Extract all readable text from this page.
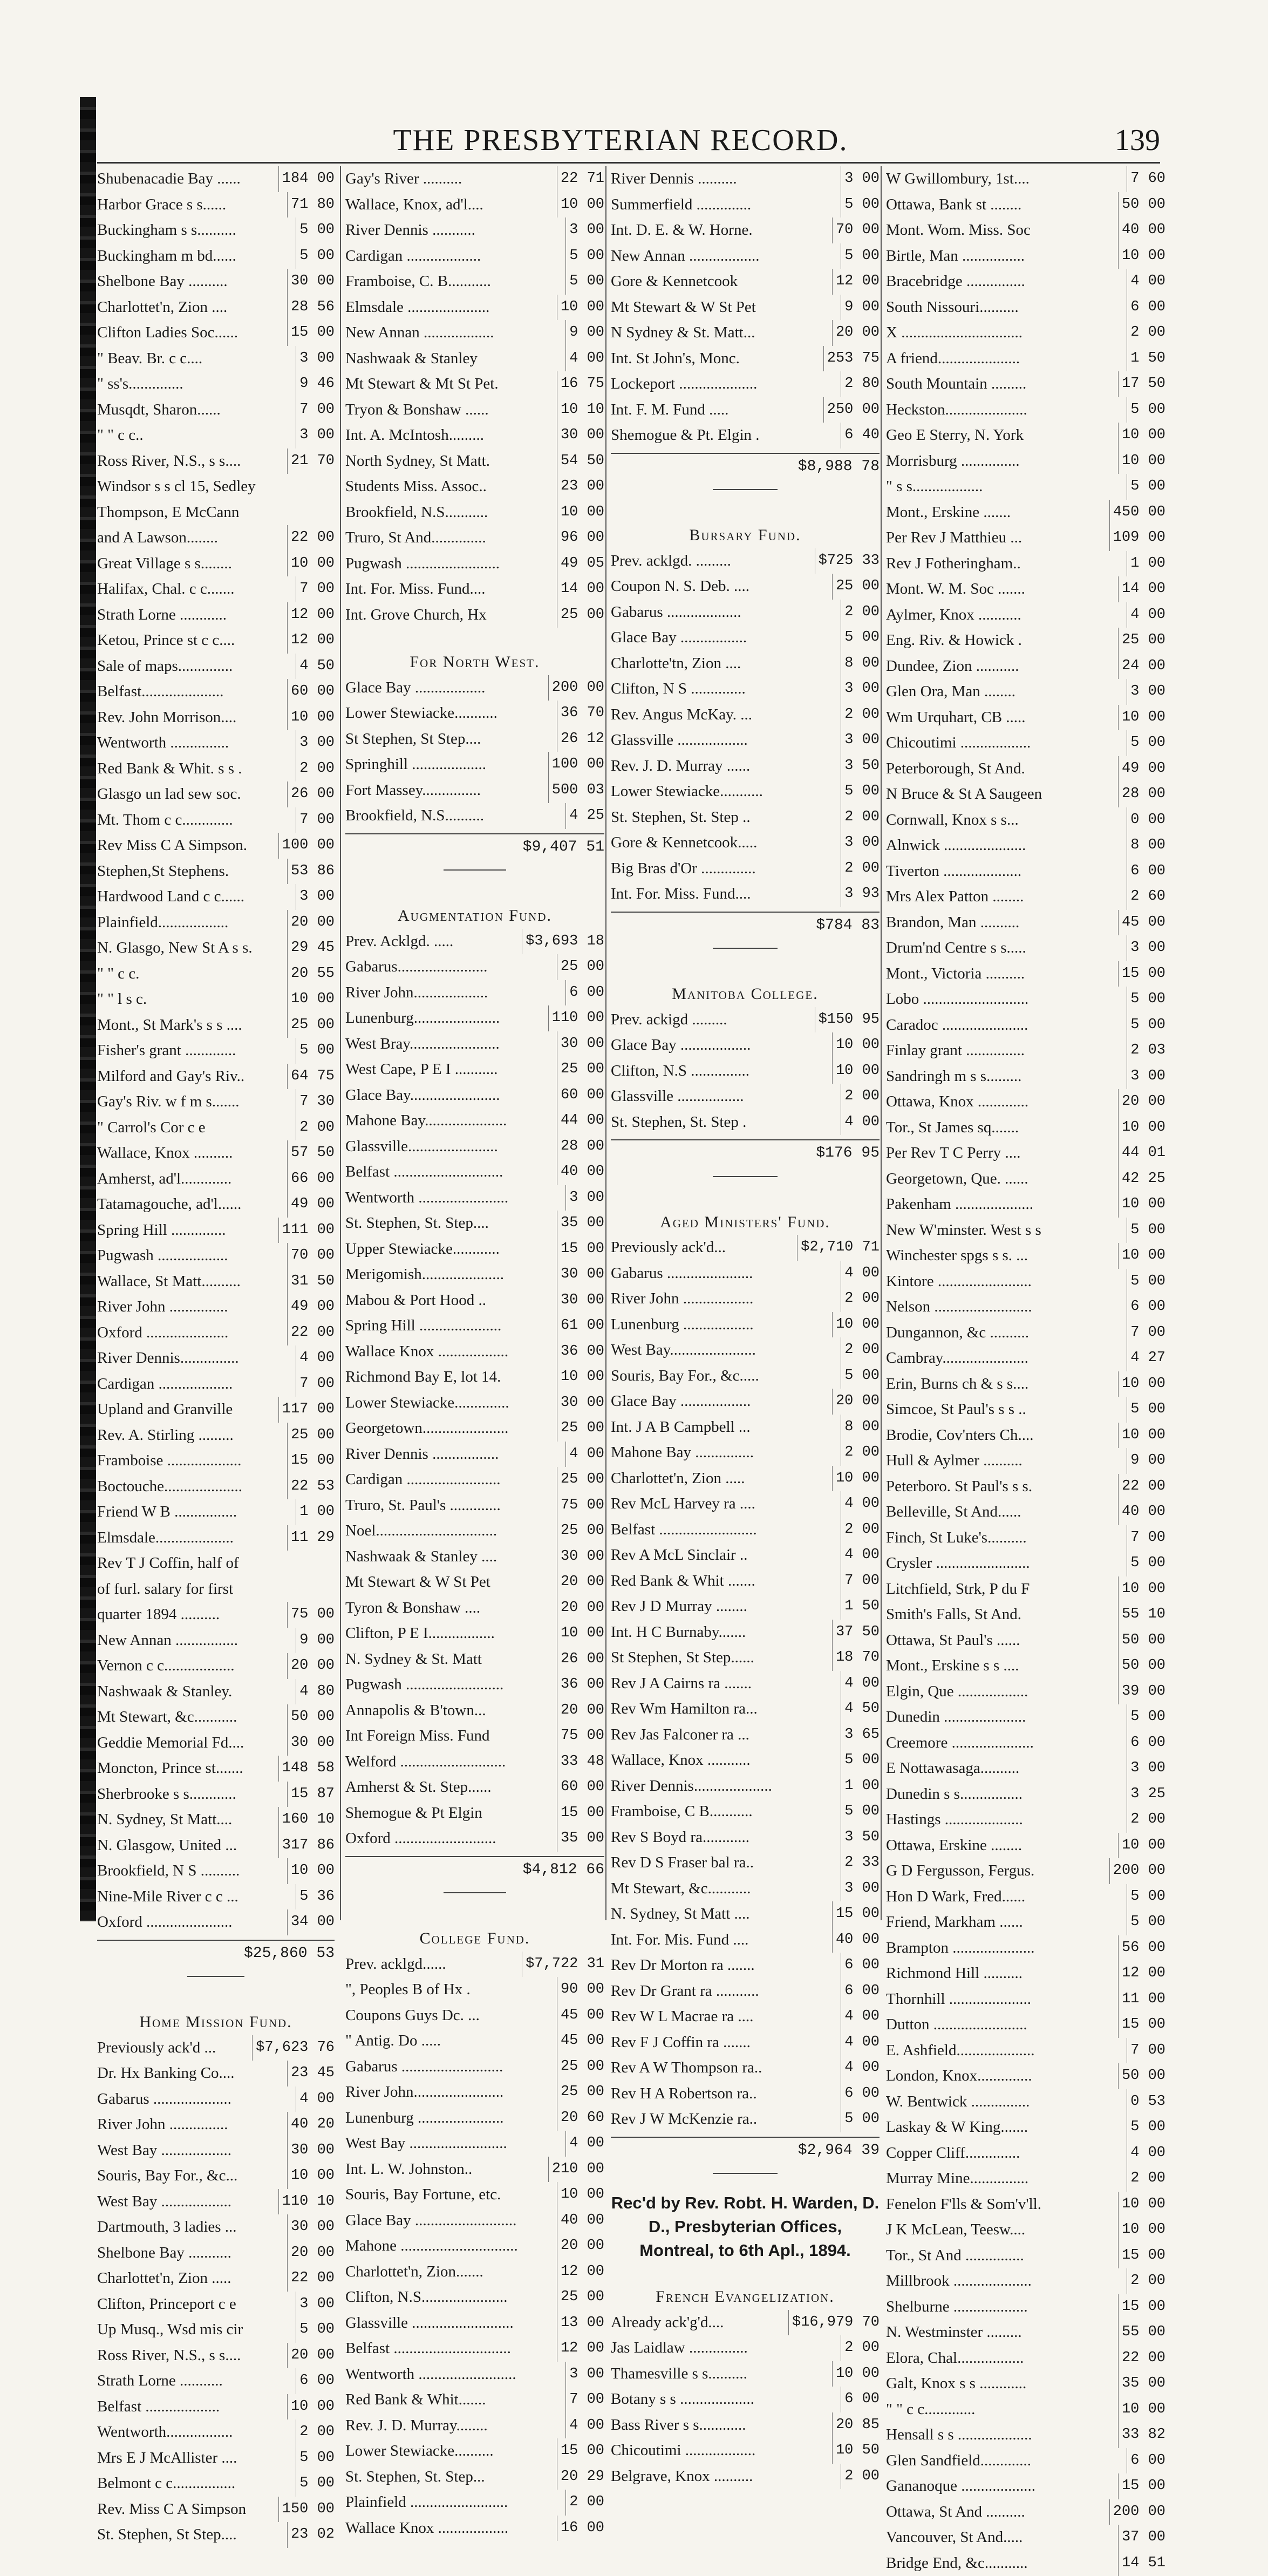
THE PRESBYTERIAN RECORD.	139
Shubenacadie Bay ......	184 00
Harbor Grace s s......	71 80
Buckingham s s..........	5 00
Buckingham m bd......	5 00
Shelbone Bay ..........	30 00
Charlottet'n, Zion ....	28 56
Clifton Ladies Soc......	15 00
" Beav. Br. c c....	3 00
" ss's..............	9 46
Musqdt, Sharon......	7 00
" " c c..	3 00
Ross River, N.S., s s....	21 70
Windsor s s cl 15, Sedley
Thompson, E McCann
and A Lawson........	22 00
Great Village s s........	10 00
Halifax, Chal. c c.......	7 00
Strath Lorne ............	12 00
Ketou, Prince st c c....	12 00
Sale of maps..............	4 50
Belfast.....................	60 00
Rev. John Morrison....	10 00
Wentworth ...............	3 00
Red Bank & Whit. s s .	2 00
Glasgo un lad sew soc.	26 00
Mt. Thom c c.............	7 00
Rev Miss C A Simpson.	100 00
Stephen,St Stephens.	53 86
Hardwood Land c c......	3 00
Plainfield..................	20 00
N. Glasgo, New St A s s.	29 45
" " c c.	20 55
" " l s c.	10 00
Mont., St Mark's s s ....	25 00
Fisher's grant .............	5 00
Milford and Gay's Riv..	64 75
Gay's Riv. w f m s.......	7 30
" Carrol's Cor c e	2 00
Wallace, Knox ..........	57 50
Amherst, ad'l.............	66 00
Tatamagouche, ad'l......	49 00
Spring Hill ..............	111 00
Pugwash ..................	70 00
Wallace, St Matt..........	31 50
River John ...............	49 00
Oxford .....................	22 00
River Dennis...............	4 00
Cardigan ...................	7 00
Upland and Granville	117 00
Rev. A. Stirling .........	25 00
Framboise ...................	15 00
Boctouche....................	22 53
Friend W B ................	1 00
Elmsdale....................	11 29
Rev T J Coffin, half of
of furl. salary for first
quarter 1894 ..........	75 00
New Annan ................	9 00
Vernon c c..................	20 00
Nashwaak & Stanley.	4 80
Mt Stewart, &c...........	50 00
Geddie Memorial Fd....	30 00
Moncton, Prince st.......	148 58
Sherbrooke s s............	15 87
N. Sydney, St Matt....	160 10
N. Glasgow, United ...	317 86
Brookfield, N S ..........	10 00
Nine-Mile River c c ...	5 36
Oxford ......................	34 00
$25,860 53
Home Mission Fund.
Previously ack'd ...	$7,623 76
Dr. Hx Banking Co....	23 45
Gabarus ....................	4 00
River John ...............	40 20
West Bay ..................	30 00
Souris, Bay For., &c...	10 00
West Bay ..................	110 10
Dartmouth, 3 ladies ...	30 00
Shelbone Bay ...........	20 00
Charlottet'n, Zion .....	22 00
Clifton, Princeport c e	3 00
Up Musq., Wsd mis cir	5 00
Ross River, N.S., s s....	20 00
Strath Lorne ...........	6 00
Belfast ...................	10 00
Wentworth.................	2 00
Mrs E J McAllister ....	5 00
Belmont c c................	5 00
Rev. Miss C A Simpson	150 00
St. Stephen, St Step....	23 02
Gay's River ..........	22 71
Wallace, Knox, ad'l....	10 00
River Dennis ...........	3 00
Cardigan ...................	5 00
Framboise, C. B...........	5 00
Elmsdale .....................	10 00
New Annan ..................	9 00
Nashwaak & Stanley	4 00
Mt Stewart & Mt St Pet.	16 75
Tryon & Bonshaw ......	10 10
Int. A. McIntosh.........	30 00
North Sydney, St Matt.	54 50
Students Miss. Assoc..	23 00
Brookfield, N.S...........	10 00
Truro, St And..............	96 00
Pugwash ........................	49 05
Int. For. Miss. Fund....	14 00
Int. Grove Church, Hx	25 00
For North West.
Glace Bay ..................	200 00
Lower Stewiacke...........	36 70
St Stephen, St Step....	26 12
Springhill ...................	100 00
Fort Massey...............	500 03
Brookfield, N.S..........	4 25
$9,407 51
Augmentation Fund.
Prev. Acklgd. .....	$3,693 18
Gabarus.......................	25 00
River John...................	6 00
Lunenburg......................	110 00
West Bray.......................	30 00
West Cape, P E I ...........	25 00
Glace Bay.......................	60 00
Mahone Bay.....................	44 00
Glassville.......................	28 00
Belfast ............................	40 00
Wentworth .......................	3 00
St. Stephen, St. Step....	35 00
Upper Stewiacke............	15 00
Merigomish.....................	30 00
Mabou & Port Hood ..	30 00
Spring Hill .....................	61 00
Wallace Knox ..................	36 00
Richmond Bay E, lot 14.	10 00
Lower Stewiacke..............	30 00
Georgetown......................	25 00
River Dennis .................	4 00
Cardigan ........................	25 00
Truro, St. Paul's .............	75 00
Noel...............................	25 00
Nashwaak & Stanley ....	30 00
Mt Stewart & W St Pet	20 00
Tyron & Bonshaw ....	20 00
Clifton, P E I.................	10 00
N. Sydney & St. Matt	26 00
Pugwash .........................	36 00
Annapolis & B'town...	20 00
Int Foreign Miss. Fund	75 00
Welford ...........................	33 48
Amherst & St. Step......	60 00
Shemogue & Pt Elgin	15 00
Oxford ..........................	35 00
$4,812 66
College Fund.
Prev. acklgd......	$7,722 31
", Peoples B of Hx .	90 00
Coupons Guys Dc. ...	45 00
" Antig. Do .....	45 00
Gabarus ..........................	25 00
River John.......................	25 00
Lunenburg ......................	20 60
West Bay .........................	4 00
Int. L. W. Johnston..	210 00
Souris, Bay Fortune, etc.	10 00
Glace Bay ..........................	40 00
Mahone ..............................	20 00
Charlottet'n, Zion.......	12 00
Clifton, N.S......................	25 00
Glassville ..........................	13 00
Belfast ..............................	12 00
Wentworth .........................	3 00
Red Bank & Whit.......	7 00
Rev. J. D. Murray........	4 00
Lower Stewiacke..........	15 00
St. Stephen, St. Step...	20 29
Plainfield .........................	2 00
Wallace Knox ..................	16 00
River Dennis ..........	3 00
Summerfield ..............	5 00
Int. D. E. & W. Horne.	70 00
New Annan ..................	5 00
Gore & Kennetcook	12 00
Mt Stewart & W St Pet	9 00
N Sydney & St. Matt...	20 00
Int. St John's, Monc.	253 75
Lockeport ....................	2 80
Int. F. M. Fund .....	250 00
Shemogue & Pt. Elgin .	6 40
$8,988 78
Bursary Fund.
Prev. acklgd. .........	$725 33
Coupon N. S. Deb. ....	25 00
Gabarus ...................	2 00
Glace Bay .................	5 00
Charlotte'tn, Zion ....	8 00
Clifton, N S ..............	3 00
Rev. Angus McKay. ...	2 00
Glassville ..................	3 00
Rev. J. D. Murray ......	3 50
Lower Stewiacke...........	5 00
St. Stephen, St. Step ..	2 00
Gore & Kennetcook.....	3 00
Big Bras d'Or ..............	2 00
Int. For. Miss. Fund....	3 93
$784 83
Manitoba College.
Prev. ackigd .........	$150 95
Glace Bay ..................	10 00
Clifton, N.S ...............	10 00
Glassville .................	2 00
St. Stephen, St. Step .	4 00
$176 95
Aged Ministers' Fund.
Previously ack'd...	$2,710 71
Gabarus ......................	4 00
River John ..................	2 00
Lunenburg ..................	10 00
West Bay......................	2 00
Souris, Bay For., &c.....	5 00
Glace Bay ..................	20 00
Int. J A B Campbell ...	8 00
Mahone Bay ...............	2 00
Charlottet'n, Zion .....	10 00
Rev McL Harvey ra ....	4 00
Belfast .........................	2 00
Rev A McL Sinclair ..	4 00
Red Bank & Whit .......	7 00
Rev J D Murray ........	1 50
Int. H C Burnaby.......	37 50
St Stephen, St Step......	18 70
Rev J A Cairns ra .......	4 00
Rev Wm Hamilton ra...	4 50
Rev Jas Falconer ra ...	3 65
Wallace, Knox ...........	5 00
River Dennis....................	1 00
Framboise, C B...........	5 00
Rev S Boyd ra............	3 50
Rev D S Fraser bal ra..	2 33
Mt Stewart, &c...........	3 00
N. Sydney, St Matt ....	15 00
Int. For. Mis. Fund ....	40 00
Rev Dr Morton ra .......	6 00
Rev Dr Grant ra ...........	6 00
Rev W L Macrae ra ....	4 00
Rev F J Coffin ra .......	4 00
Rev A W Thompson ra..	4 00
Rev H A Robertson ra..	6 00
Rev J W McKenzie ra..	5 00
$2,964 39
Rec'd by Rev. Robt. H. Warden, D. D., Presbyterian Offices, Montreal, to 6th Apl., 1894.
French Evangelization.
Already ack'g'd....	$16,979 70
Jas Laidlaw ...............	2 00
Thamesville s s..........	10 00
Botany s s ...................	6 00
Bass River s s............	20 85
Chicoutimi ..................	10 50
Belgrave, Knox ..........	2 00
W Gwillombury, 1st....	7 60
Ottawa, Bank st ........	50 00
Mont. Wom. Miss. Soc	40 00
Birtle, Man ................	10 00
Bracebridge ...............	4 00
South Nissouri..........	6 00
X ...............................	2 00
A friend.....................	1 50
South Mountain .........	17 50
Heckston.....................	5 00
Geo E Sterry, N. York	10 00
Morrisburg ...............	10 00
" s s..................	5 00
Mont., Erskine .......	450 00
Per Rev J Matthieu ...	109 00
Rev J Fotheringham..	1 00
Mont. W. M. Soc .......	14 00
Aylmer, Knox ...........	4 00
Eng. Riv. & Howick .	25 00
Dundee, Zion ...........	24 00
Glen Ora, Man ........	3 00
Wm Urquhart, CB .....	10 00
Chicoutimi ..................	5 00
Peterborough, St And.	49 00
N Bruce & St A Saugeen	28 00
Cornwall, Knox s s...	0 00
Alnwick .....................	8 00
Tiverton ....................	6 00
Mrs Alex Patton ........	2 60
Brandon, Man ..........	45 00
Drum'nd Centre s s.....	3 00
Mont., Victoria ..........	15 00
Lobo ...........................	5 00
Caradoc ......................	5 00
Finlay grant ...............	2 03
Sandringh m s s.........	3 00
Ottawa, Knox .............	20 00
Tor., St James sq.......	10 00
Per Rev T C Perry ....	44 01
Georgetown, Que. ......	42 25
Pakenham ....................	10 00
New W'minster. West s s	5 00
Winchester spgs s s. ...	10 00
Kintore ........................	5 00
Nelson .........................	6 00
Dungannon, &c ..........	7 00
Cambray......................	4 27
Erin, Burns ch & s s....	10 00
Simcoe, St Paul's s s ..	5 00
Brodie, Cov'nters Ch....	10 00
Hull & Aylmer ..........	9 00
Peterboro. St Paul's s s.	22 00
Belleville, St And......	40 00
Finch, St Luke's..........	7 00
Crysler ........................	5 00
Litchfield, Strk, P du F	10 00
Smith's Falls, St And.	55 10
Ottawa, St Paul's ......	50 00
Mont., Erskine s s ....	50 00
Elgin, Que ..................	39 00
Dunedin .....................	5 00
Creemore .....................	6 00
E Nottawasaga..........	3 00
Dunedin s s................	3 25
Hastings ....................	2 00
Ottawa, Erskine ........	10 00
G D Fergusson, Fergus.	200 00
Hon D Wark, Fred......	5 00
Friend, Markham ......	5 00
Brampton .....................	56 00
Richmond Hill ..........	12 00
Thornhill .....................	11 00
Dutton ........................	15 00
E. Ashfield....................	7 00
London, Knox..............	50 00
W. Bentwick ...............	0 53
Laskay & W King.......	5 00
Copper Cliff..............	4 00
Murray Mine...............	2 00
Fenelon F'lls & Som'v'll.	10 00
J K McLean, Teesw....	10 00
Tor., St And ...............	15 00
Millbrook ....................	2 00
Shelburne ...................	15 00
N. Westminster .........	55 00
Elora, Chal.................	22 00
Galt, Knox s s ............	35 00
" " c c.............	10 00
Hensall s s ...................	33 82
Glen Sandfield.............	6 00
Gananoque ...................	15 00
Ottawa, St And ..........	200 00
Vancouver, St And.....	37 00
Bridge End, &c...........	14 51
